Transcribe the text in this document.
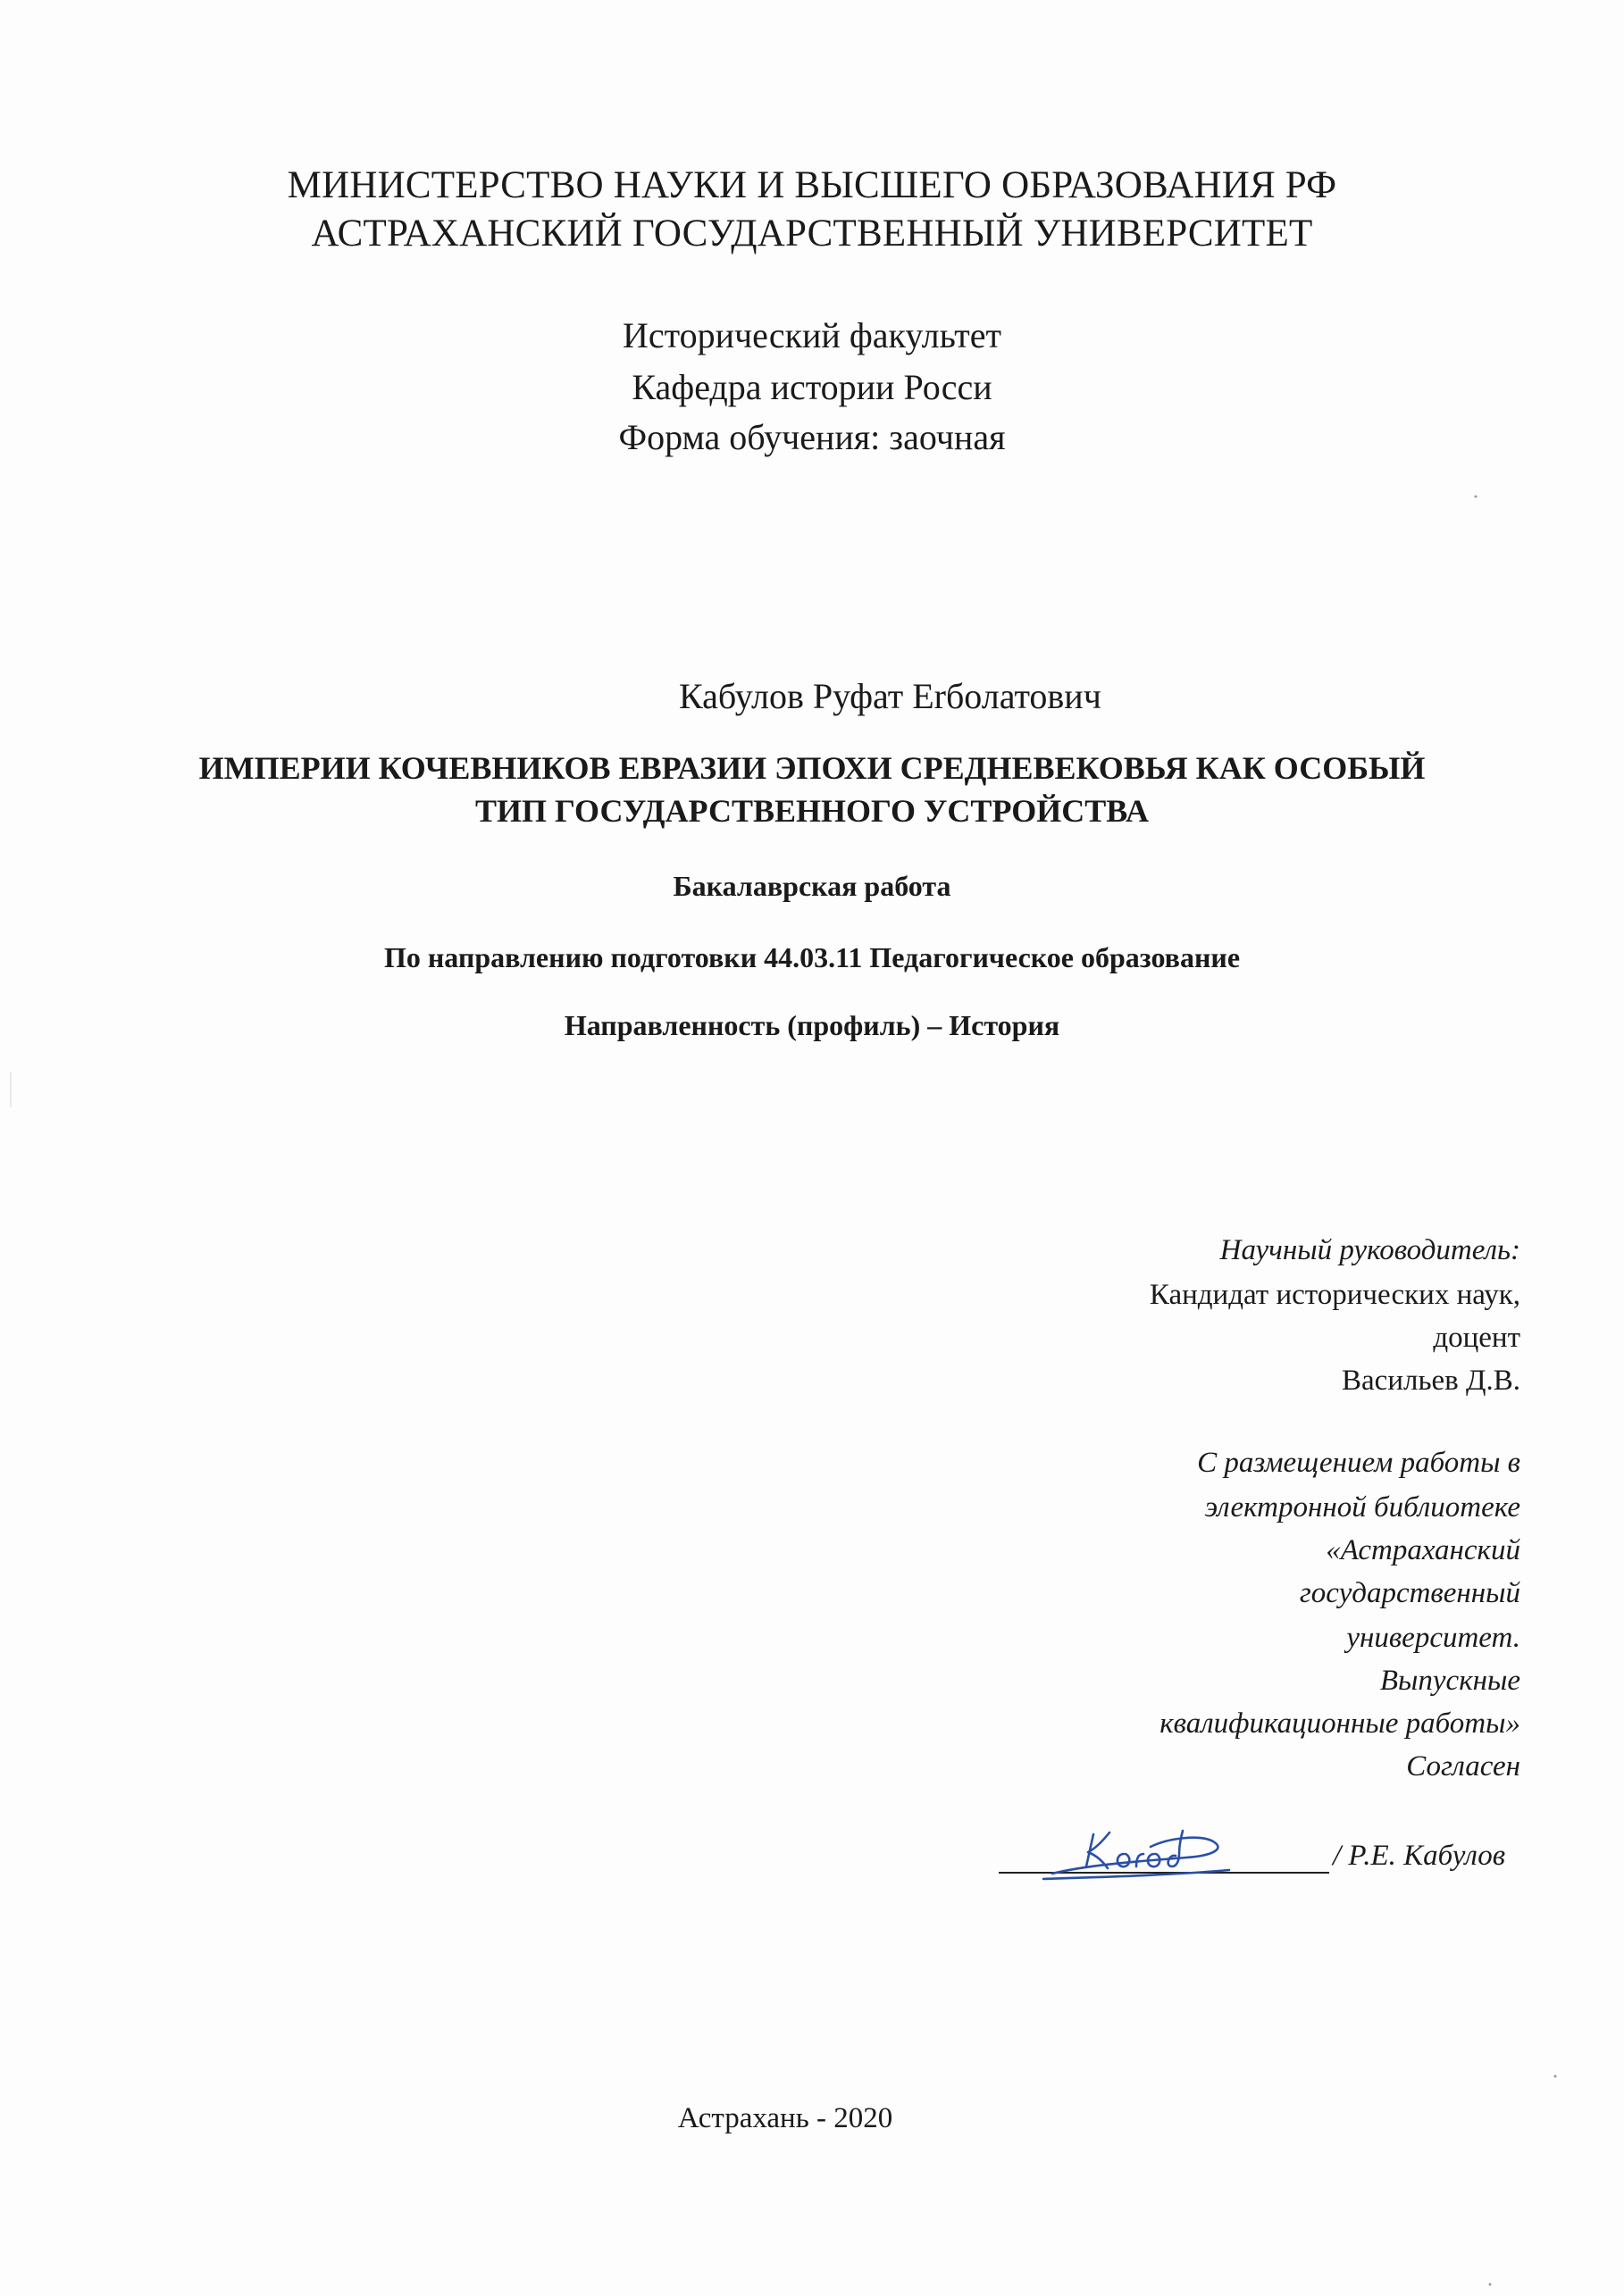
МИНИСТЕРСТВО НАУКИ И ВЫСШЕГО ОБРАЗОВАНИЯ РФ
АСТРАХАНСКИЙ ГОСУДАРСТВЕННЫЙ УНИВЕРСИТЕТ
Исторический факультет
Кафедра истории Росси
Форма обучения: заочная
Кабулов Руфат Erболатович
ИМПЕРИИ КОЧЕВНИКОВ ЕВРАЗИИ ЭПОХИ СРЕДНЕВЕКОВЬЯ КАК ОСОБЫЙ
ТИП ГОСУДАРСТВЕННОГО УСТРОЙСТВА
Бакалаврская работа
По направлению подготовки 44.03.11 Педагогическое образование
Направленность (профиль) – История
Научный руководитель:
Кандидат исторических наук,
доцент
Васильев Д.В.
С размещением работы в
электронной библиотеке
«Астраханский
государственный
университет.
Выпускные
квалификационные работы»
Согласен
/ Р.Е. Кабулов
Астрахань - 2020
